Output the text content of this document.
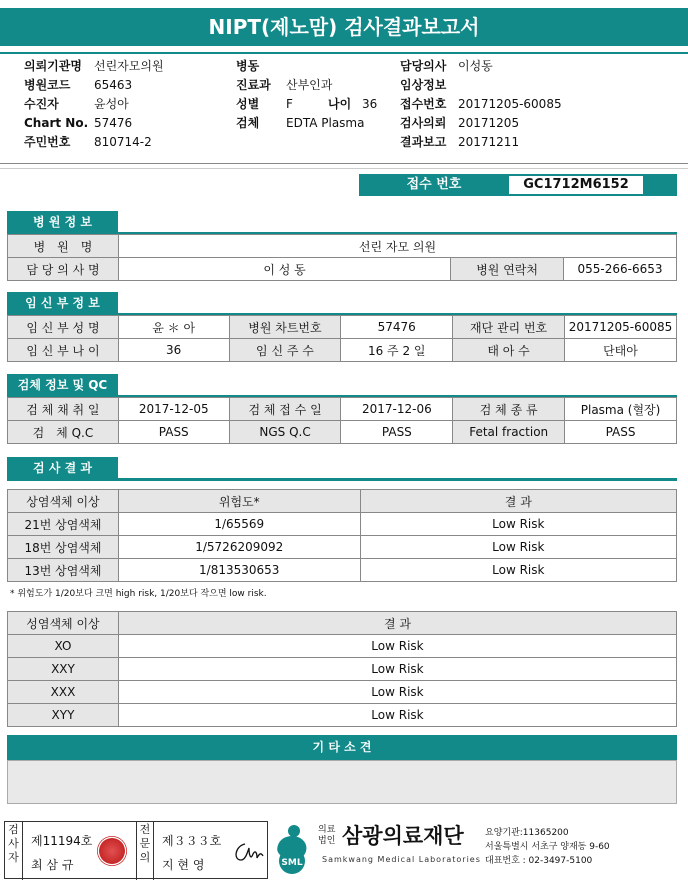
NIPT(제노맘) 검사결과보고서
의뢰기관명 선린자모의원
병원코드 65463
수진자	윤성아
Chart No. 57476
주민번호 810714-2
병동
진료과 산부인과
성별 F	나이 36
검체 EDTA Plasma
담당의사 이성동
임상정보
접수번호 20171205-60085
검사의뢰 20171205
결과보고 20171211
접수 번호	GC1712M6152
병 원 정 보
병　원　명	선린 자모 의원		
담 당 의 사 명	이 성 동	병원 연락처	055-266-6653
임 신 부 정 보
임 신 부 성 명	윤 ＊ 아	병원 차트번호	57476	재단 관리 번호	20171205-60085
임 신 부 나 이	36	임 신 주 수	16 주 2 일	태 아 수	단태아
검체 정보 및 QC
검 체 채 취 일	2017-12-05	검 체 접 수 일	2017-12-06	검 체 종 류	Plasma (혈장)
검　체 Q.C	PASS	NGS Q.C	PASS	Fetal fraction	PASS
검 사 결 과
상염색체 이상	위험도*	결 과
21번 상염색체	1/65569	Low Risk
18번 상염색체	1/5726209092	Low Risk
13번 상염색체	1/813530653	Low Risk
* 위험도가 1/20보다 크면 high risk, 1/20보다 작으면 low risk.
성염색체 이상	결 과
XO	Low Risk
XXY	Low Risk
XXX	Low Risk
XYY	Low Risk
기 타 소 견
검
사
자
제11194호
최 삼 규
전
문
의
제３３３호
지 현 영	SML
의료
법인 삼광의료재단
Samkwang Medical Laboratories
요양기관:11365200
서울특별시 서초구 양재동 9-60
대표번호 : 02-3497-5100
